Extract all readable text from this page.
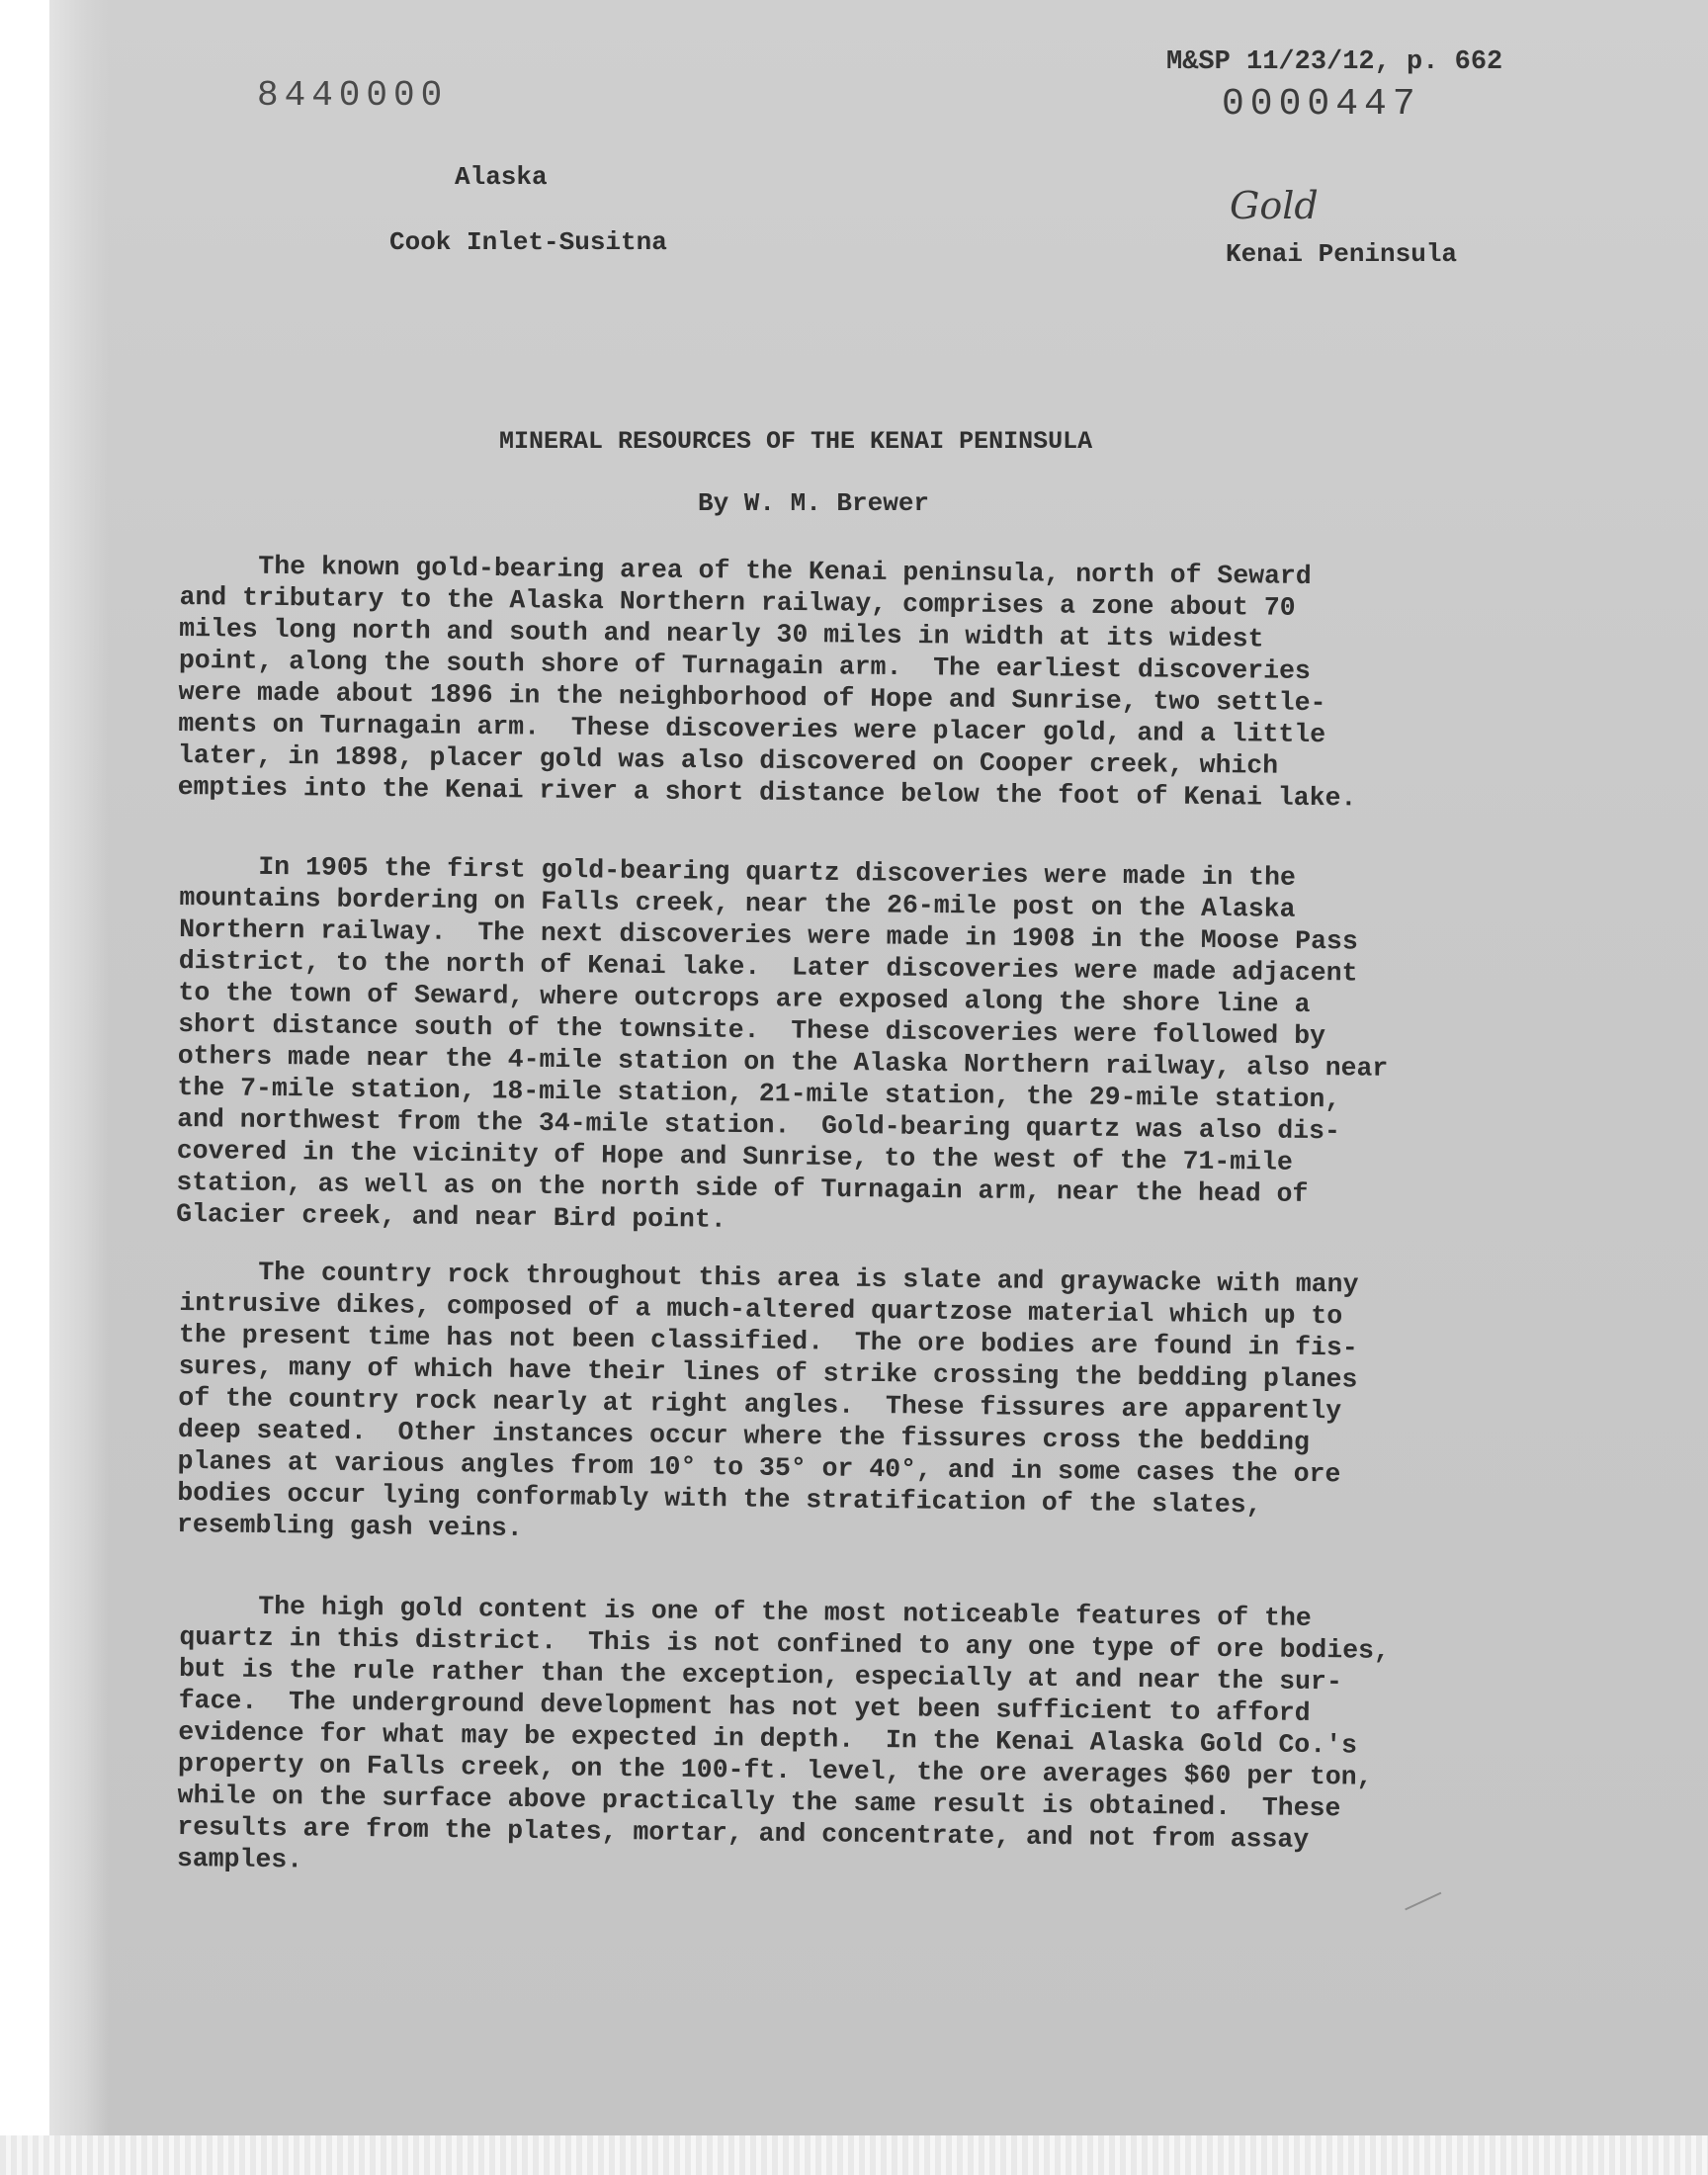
8440000

M&SP 11/23/12, p. 662

0000447

Gold

Alaska

Cook Inlet-Susitna	Kenai Peninsula

MINERAL RESOURCES OF THE KENAI PENINSULA

By W. M. Brewer

The known gold-bearing area of the Kenai peninsula, north of Seward
and tributary to the Alaska Northern railway, comprises a zone about 70
miles long north and south and nearly 30 miles in width at its widest
point, along the south shore of Turnagain arm.  The earliest discoveries
were made about 1896 in the neighborhood of Hope and Sunrise, two settle-
ments on Turnagain arm.  These discoveries were placer gold, and a little
later, in 1898, placer gold was also discovered on Cooper creek, which
empties into the Kenai river a short distance below the foot of Kenai lake.

In 1905 the first gold-bearing quartz discoveries were made in the
mountains bordering on Falls creek, near the 26-mile post on the Alaska
Northern railway.  The next discoveries were made in 1908 in the Moose Pass
district, to the north of Kenai lake.  Later discoveries were made adjacent
to the town of Seward, where outcrops are exposed along the shore line a
short distance south of the townsite.  These discoveries were followed by
others made near the 4-mile station on the Alaska Northern railway, also near
the 7-mile station, 18-mile station, 21-mile station, the 29-mile station,
and northwest from the 34-mile station.  Gold-bearing quartz was also dis-
covered in the vicinity of Hope and Sunrise, to the west of the 71-mile
station, as well as on the north side of Turnagain arm, near the head of
Glacier creek, and near Bird point.

The country rock throughout this area is slate and graywacke with many
intrusive dikes, composed of a much-altered quartzose material which up to
the present time has not been classified.  The ore bodies are found in fis-
sures, many of which have their lines of strike crossing the bedding planes
of the country rock nearly at right angles.  These fissures are apparently
deep seated.  Other instances occur where the fissures cross the bedding
planes at various angles from 10° to 35° or 40°, and in some cases the ore
bodies occur lying conformably with the stratification of the slates,
resembling gash veins.

The high gold content is one of the most noticeable features of the
quartz in this district.  This is not confined to any one type of ore bodies,
but is the rule rather than the exception, especially at and near the sur-
face.  The underground development has not yet been sufficient to afford
evidence for what may be expected in depth.  In the Kenai Alaska Gold Co.'s
property on Falls creek, on the 100-ft. level, the ore averages $60 per ton,
while on the surface above practically the same result is obtained.  These
results are from the plates, mortar, and concentrate, and not from assay
samples.
